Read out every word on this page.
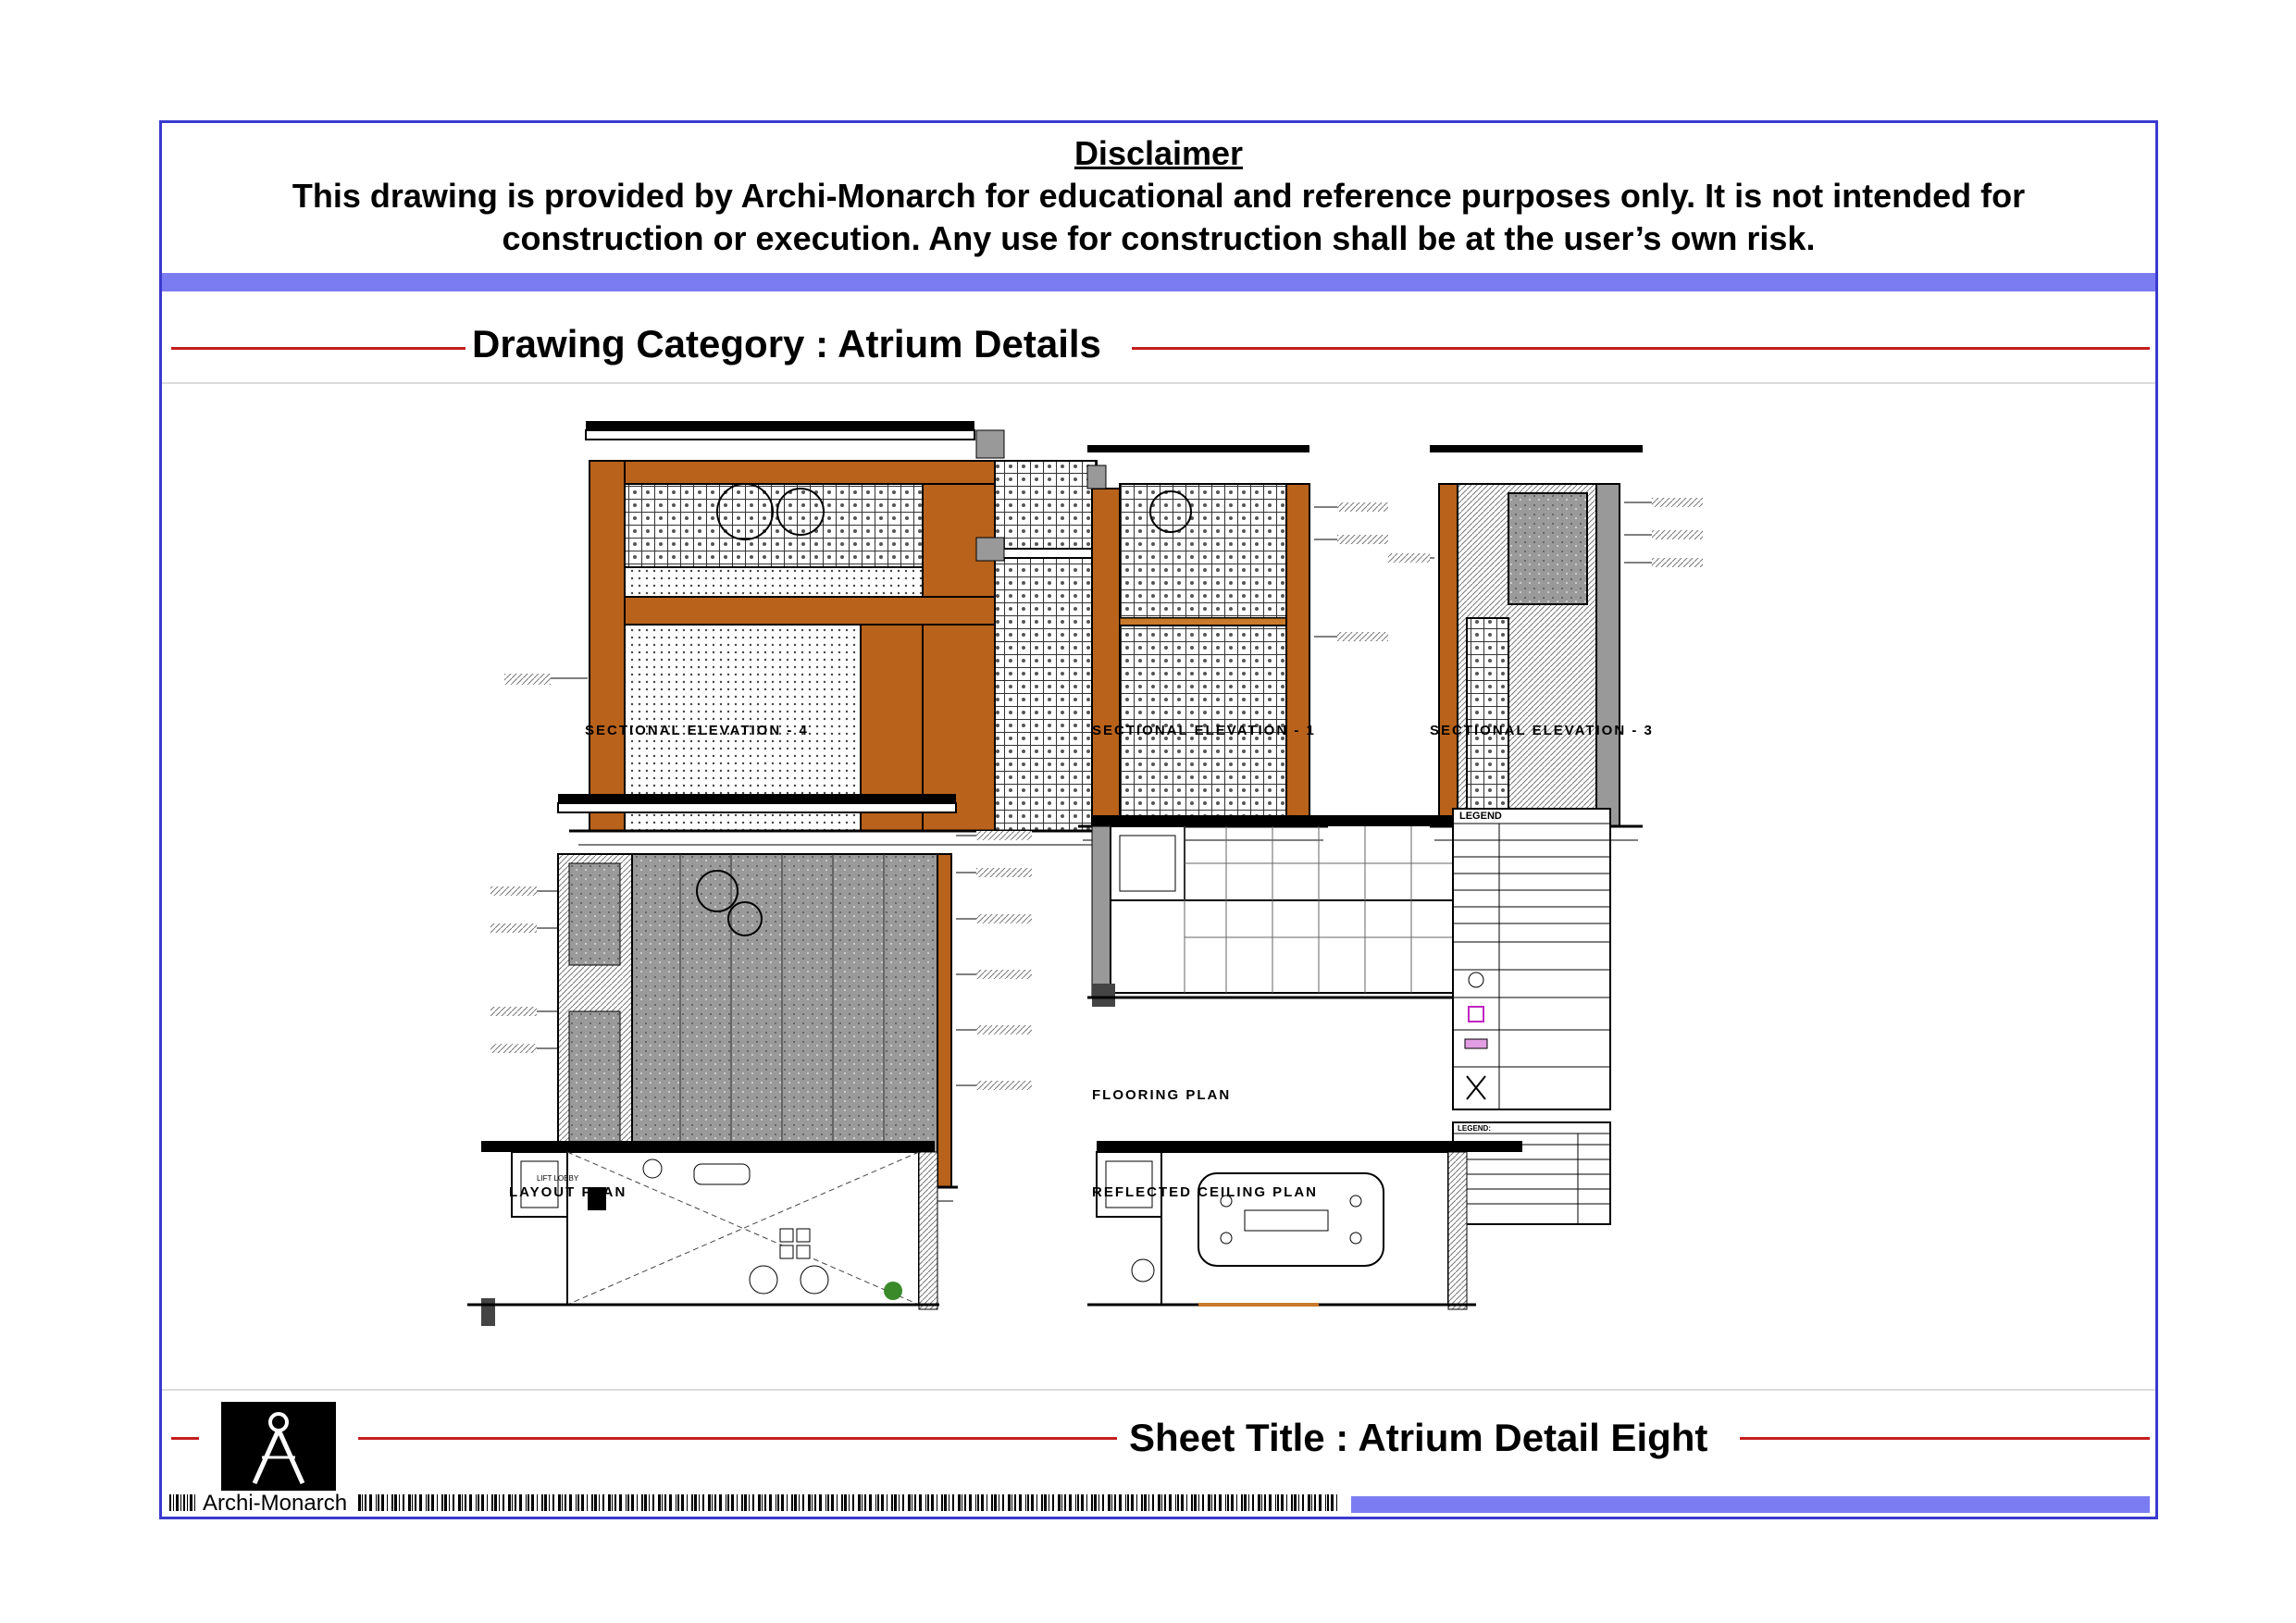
Disclaimer
This drawing is provided by Archi-Monarch for educational and reference purposes only. It is not intended for construction or execution. Any use for construction shall be at the user’s own risk.
Drawing Category : Atrium Details
SECTIONAL ELEVATION - 4	SECTIONAL ELEVATION - 1	SECTIONAL ELEVATION - 3
FLOORING PLAN
LEGEND
LEGEND:
LAYOUT PLAN
LIFT LOBBY
REFLECTED CEILING PLAN
Sheet Title : Atrium Detail Eight
Archi-Monarch
